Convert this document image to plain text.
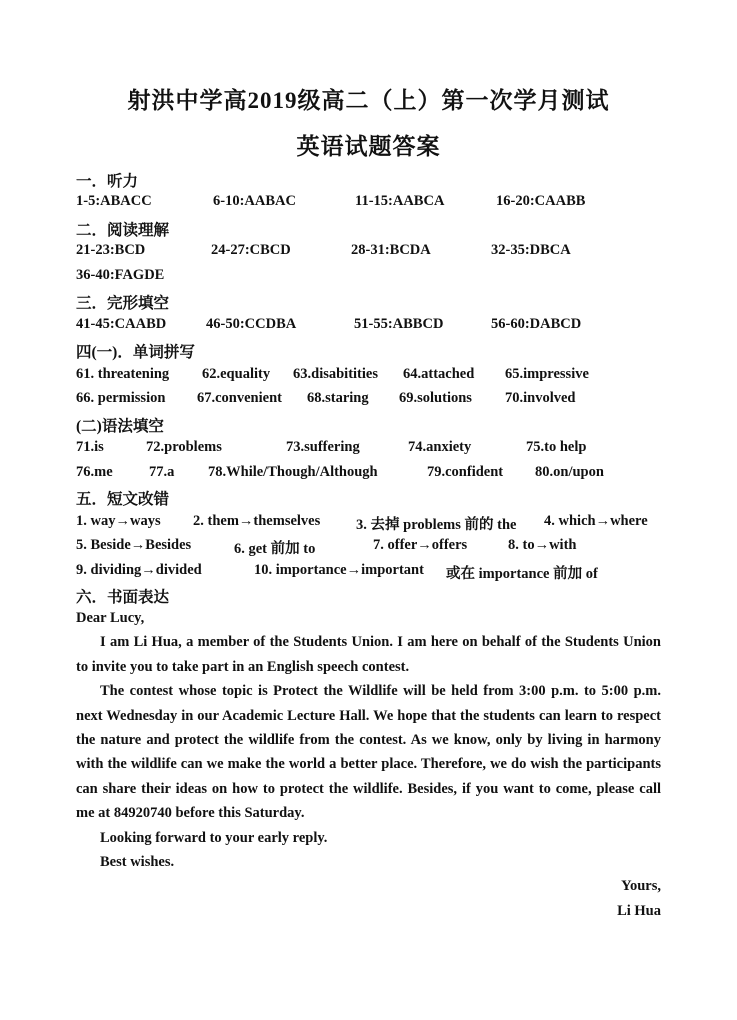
射洪中学高2019级高二（上）第一次学月测试
英语试题答案
一．听力
1-5:ABACC	6-10:AABAC	11-15:AABCA	16-20:CAABB
二．阅读理解
21-23:BCD	24-27:CBCD	28-31:BCDA	32-35:DBCA
36-40:FAGDE
三．完形填空
41-45:CAABD	46-50:CCDBA	51-55:ABBCD	56-60:DABCD
四(一)．单词拼写
61. threatening 62.equality 63.disabitities 64.attached 65.impressive
66. permission 67.convenient 68.staring 69.solutions 70.involved
(二)语法填空
71.is	72.problems	73.suffering	74.anxiety	75.to help
76.me	77.a 78.While/Though/Although	79.confident 80.on/upon
五．短文改错
1. way→ways 2. them→themselves 3. 去掉 problems 前的 the 4. which→where
5. Beside→Besides	6. get 前加 to	7. offer→offers	8. to→with
9. dividing→divided	10. importance→important 或在 importance 前加 of
六．书面表达

Dear Lucy,

I am Li Hua, a member of the Students Union. I am here on behalf of the Students Union to invite you to take part in an English speech contest.

The contest whose topic is Protect the Wildlife will be held from 3:00 p.m. to 5:00 p.m. next Wednesday in our Academic Lecture Hall. We hope that the students can learn to respect the nature and protect the wildlife from the contest. As we know, only by living in harmony with the wildlife can we make the world a better place. Therefore, we do wish the participants can share their ideas on how to protect the wildlife. Besides, if you want to come, please call me at 84920740 before this Saturday.

Looking forward to your early reply.

Best wishes.

Yours,

Li Hua
